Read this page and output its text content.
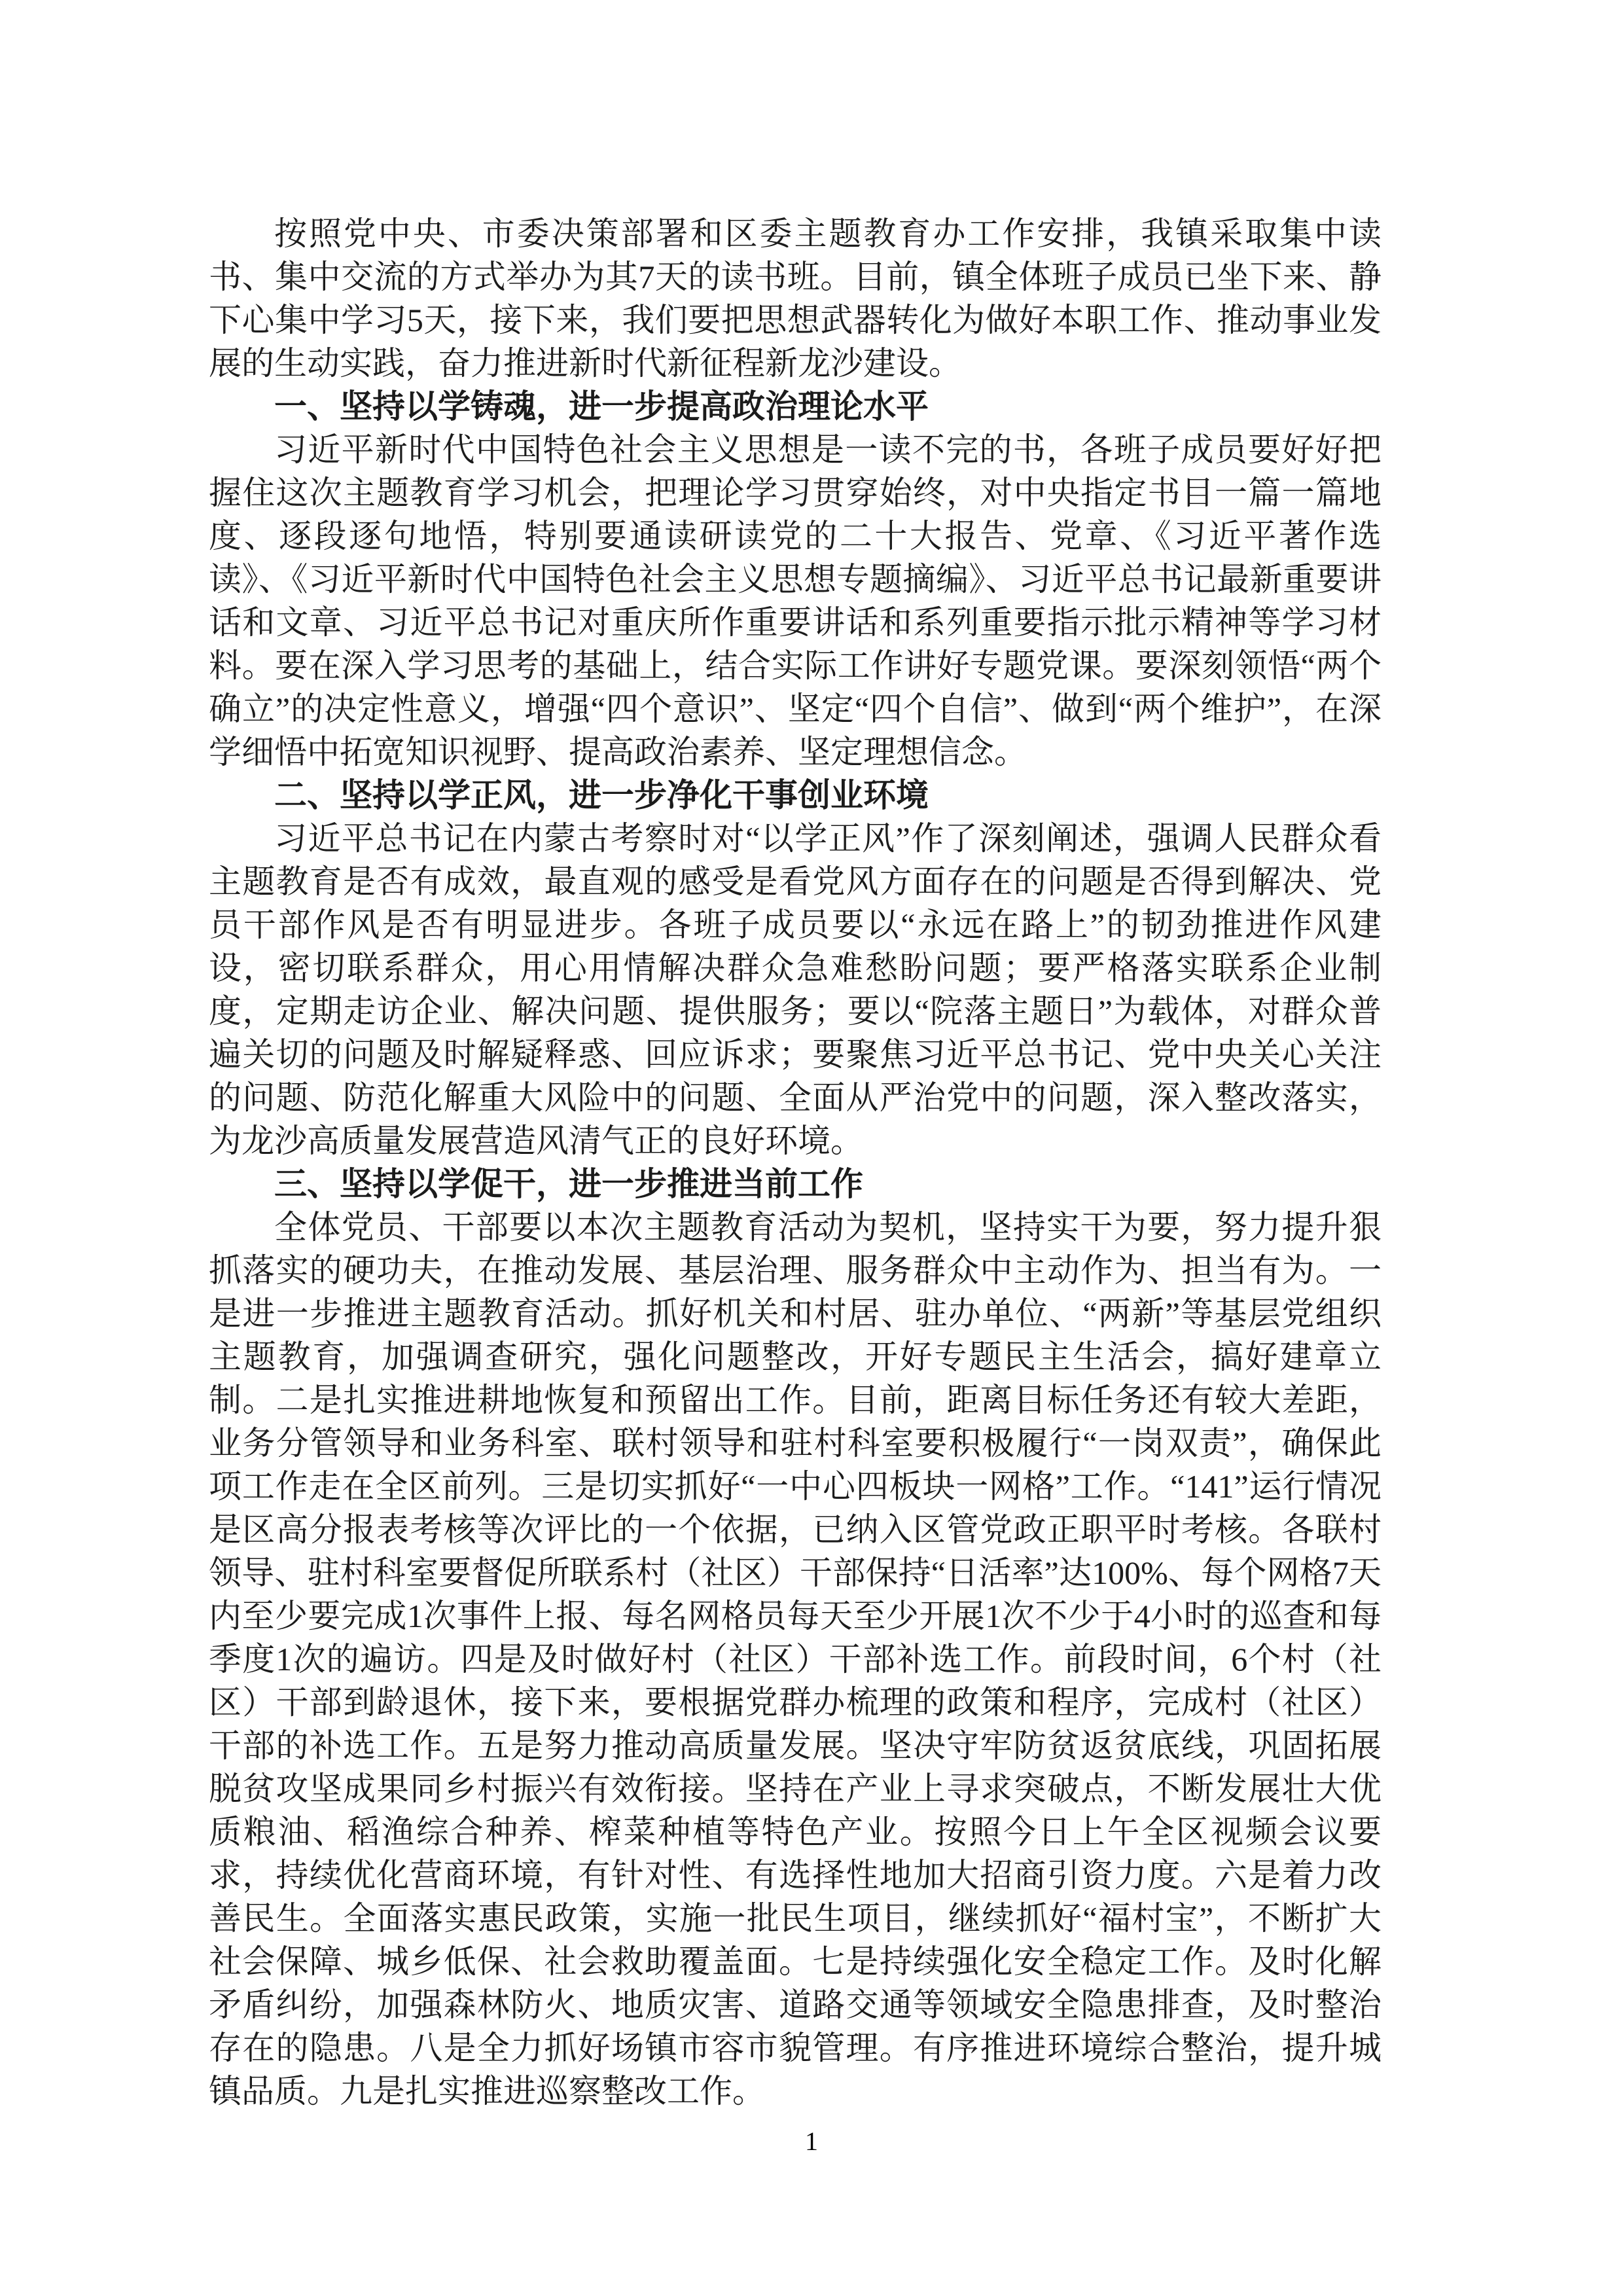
按照党中央、市委决策部署和区委主题教育办工作安排，我镇采取集中读书、集中交流的方式举办为其7天的读书班。目前，镇全体班子成员已坐下来、静下心集中学习5天，接下来，我们要把思想武器转化为做好本职工作、推动事业发展的生动实践，奋力推进新时代新征程新龙沙建设。

一、坚持以学铸魂，进一步提高政治理论水平

习近平新时代中国特色社会主义思想是一读不完的书，各班子成员要好好把握住这次主题教育学习机会，把理论学习贯穿始终，对中央指定书目一篇一篇地度、逐段逐句地悟，特别要通读研读党的二十大报告、党章、《习近平著作选读》、《习近平新时代中国特色社会主义思想专题摘编》、习近平总书记最新重要讲话和文章、习近平总书记对重庆所作重要讲话和系列重要指示批示精神等学习材料。要在深入学习思考的基础上，结合实际工作讲好专题党课。要深刻领悟“两个确立”的决定性意义，增强“四个意识”、坚定“四个自信”、做到“两个维护”，在深学细悟中拓宽知识视野、提高政治素养、坚定理想信念。

二、坚持以学正风，进一步净化干事创业环境

习近平总书记在内蒙古考察时对“以学正风”作了深刻阐述，强调人民群众看主题教育是否有成效，最直观的感受是看党风方面存在的问题是否得到解决、党员干部作风是否有明显进步。各班子成员要以“永远在路上”的韧劲推进作风建设，密切联系群众，用心用情解决群众急难愁盼问题；要严格落实联系企业制度，定期走访企业、解决问题、提供服务；要以“院落主题日”为载体，对群众普遍关切的问题及时解疑释惑、回应诉求；要聚焦习近平总书记、党中央关心关注的问题、防范化解重大风险中的问题、全面从严治党中的问题，深入整改落实，为龙沙高质量发展营造风清气正的良好环境。

三、坚持以学促干，进一步推进当前工作

全体党员、干部要以本次主题教育活动为契机，坚持实干为要，努力提升狠抓落实的硬功夫，在推动发展、基层治理、服务群众中主动作为、担当有为。一是进一步推进主题教育活动。抓好机关和村居、驻办单位、“两新”等基层党组织主题教育，加强调查研究，强化问题整改，开好专题民主生活会，搞好建章立制。二是扎实推进耕地恢复和预留出工作。目前，距离目标任务还有较大差距，业务分管领导和业务科室、联村领导和驻村科室要积极履行“一岗双责”，确保此项工作走在全区前列。三是切实抓好“一中心四板块一网格”工作。“141”运行情况是区高分报表考核等次评比的一个依据，已纳入区管党政正职平时考核。各联村领导、驻村科室要督促所联系村（社区）干部保持“日活率”达100%、每个网格7天内至少要完成1次事件上报、每名网格员每天至少开展1次不少于4小时的巡查和每季度1次的遍访。四是及时做好村（社区）干部补选工作。前段时间，6个村（社区）干部到龄退休，接下来，要根据党群办梳理的政策和程序，完成村（社区）干部的补选工作。五是努力推动高质量发展。坚决守牢防贫返贫底线，巩固拓展脱贫攻坚成果同乡村振兴有效衔接。坚持在产业上寻求突破点，不断发展壮大优质粮油、稻渔综合种养、榨菜种植等特色产业。按照今日上午全区视频会议要求，持续优化营商环境，有针对性、有选择性地加大招商引资力度。六是着力改善民生。全面落实惠民政策，实施一批民生项目，继续抓好“福村宝”，不断扩大社会保障、城乡低保、社会救助覆盖面。七是持续强化安全稳定工作。及时化解矛盾纠纷，加强森林防火、地质灾害、道路交通等领域安全隐患排查，及时整治存在的隐患。八是全力抓好场镇市容市貌管理。有序推进环境综合整治，提升城镇品质。九是扎实推进巡察整改工作。

1
